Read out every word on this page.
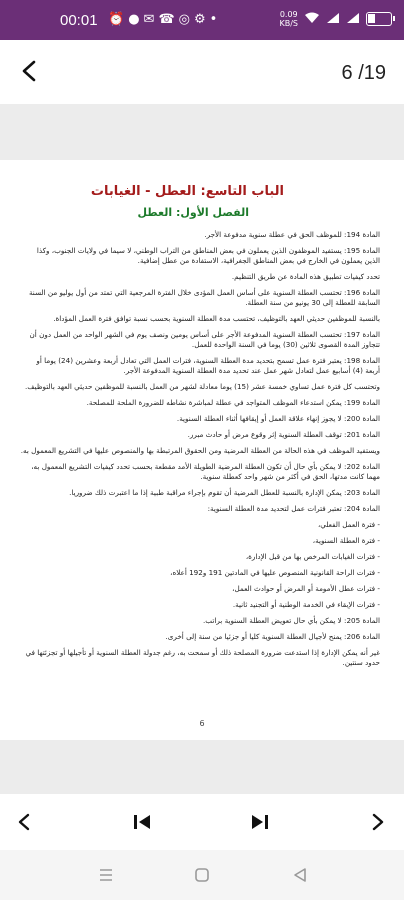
00:01 ⏰●✉☎◎⚙•	0.09
KB/S
6 /19
الباب التاسع: العطل - الغيابات
الفصل الأول: العطل

المادة 194: للموظف الحق في عطلة سنوية مدفوعة الأجر.

المادة 195: يستفيد الموظفون الذين يعملون في بعض المناطق من التراب الوطني، لا سيما في ولايات الجنوب، وكذا الذين يعملون في الخارج في بعض المناطق الجغرافية، الاستفادة من عطل إضافية.

تحدد كيفيات تطبيق هذه المادة عن طريق التنظيم.

المادة 196: تحتسب العطلة السنوية على أساس العمل المؤدى خلال الفترة المرجعية التي تمتد من أول يوليو من السنة السابقة للعطلة إلى 30 يونيو من سنة العطلة.

بالنسبة للموظفين حديثي العهد بالتوظيف، تحتسب مدة العطلة السنوية بحسب نسبة توافق فترة العمل المؤداة.

المادة 197: تحتسب العطلة السنوية المدفوعة الأجر على أساس يومين ونصف يوم في الشهر الواحد من العمل دون أن تتجاوز المدة القصوى ثلاثين (30) يوما في السنة الواحدة للعمل.

المادة 198: يعتبر فترة عمل تسمح بتحديد مدة العطلة السنوية، فترات العمل التي تعادل أربعة وعشرين (24) يوما أو أربعة (4) أسابيع عمل لتعادل شهر عمل عند تحديد مدة العطلة السنوية المدفوعة الأجر.

وتحتسب كل فترة عمل تساوي خمسة عشر (15) يوما معادلة لشهر من العمل بالنسبة للموظفين حديثي العهد بالتوظيف.

المادة 199: يمكن استدعاء الموظف المتواجد في عطلة لمباشرة نشاطه للضرورة الملحة للمصلحة.

المادة 200: لا يجوز إنهاء علاقة العمل أو إيقافها أثناء العطلة السنوية.

المادة 201: توقف العطلة السنوية إثر وقوع مرض أو حادث مبرر.

ويستفيد الموظف في هذه الحالة من العطلة المرضية ومن الحقوق المرتبطة بها والمنصوص عليها في التشريع المعمول به.

المادة 202: لا يمكن بأي حال أن تكون العطلة المرضية الطويلة الأمد مقطعة بحسب تحدد كيفيات التشريع المعمول به، مهما كانت مدتها، الحق في أكثر من شهر واحد كعطلة سنوية.

المادة 203: يمكن الإدارة بالنسبة للعطل المرضية أن تقوم بإجراء مراقبة طبية إذا ما اعتبرت ذلك ضروريا.

المادة 204: تعتبر فترات عمل لتحديد مدة العطلة السنوية:

- فترة العمل الفعلي،

- فترة العطلة السنوية،

- فترات الغيابات المرخص بها من قبل الإدارة،

- فترات الراحة القانونية المنصوص عليها في المادتين 191 و192 أعلاه،

- فترات عطل الأمومة أو المرض أو حوادث العمل،

- فترات الإبقاء في الخدمة الوطنية أو التجنيد ثانية.

المادة 205: لا يمكن بأي حال تعويض العطلة السنوية براتب.

المادة 206: يمنح لأجيال العطلة السنوية كليا أو جزئيا من سنة إلى أخرى.

غير أنه يمكن الإدارة إذا استدعت ضرورة المصلحة ذلك أو سمحت به، رغم جدولة العطلة السنوية أو تأجيلها أو تجزئتها في حدود سنتين.

6
